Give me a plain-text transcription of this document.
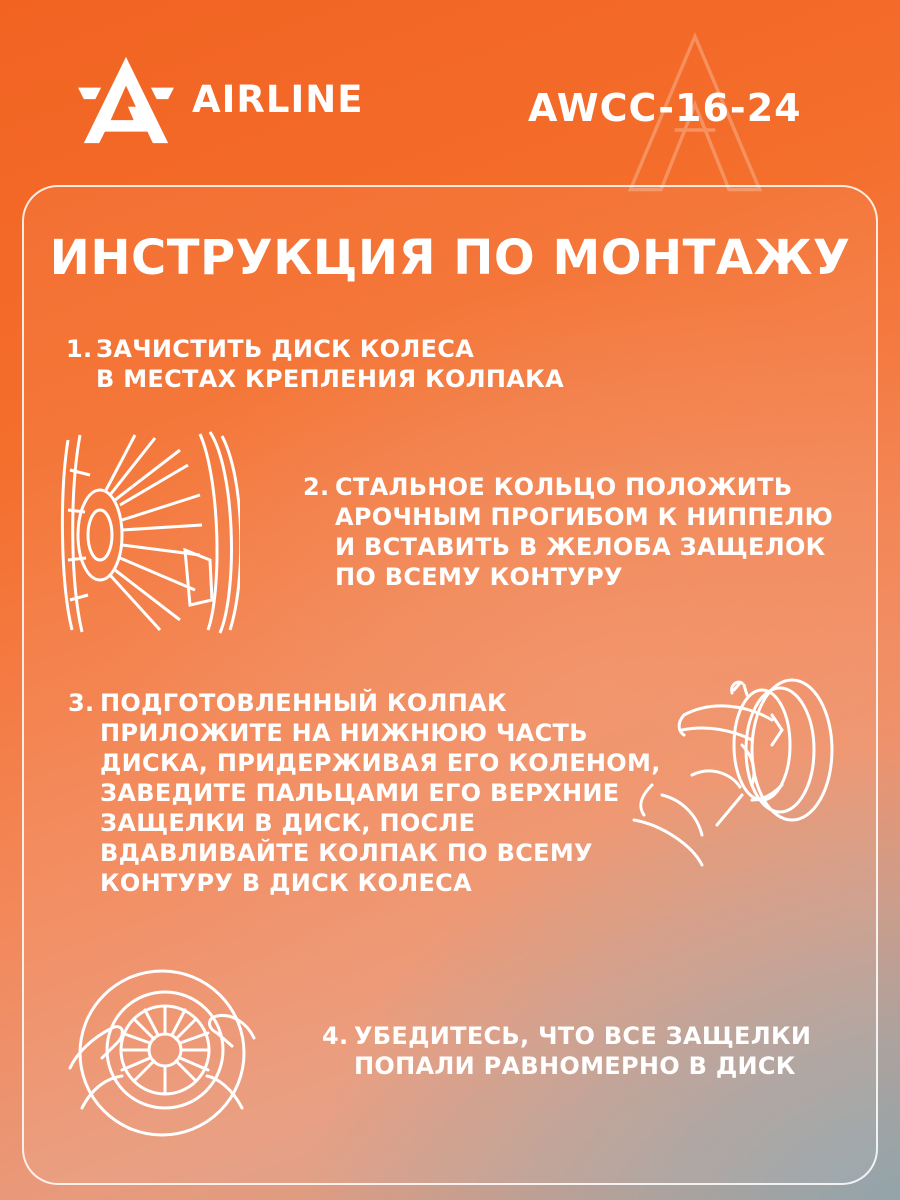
AIRLINE	AWCC-16-24
ИНСТРУКЦИЯ ПО МОНТАЖУ
1. ЗАЧИСТИТЬ ДИСК КОЛЕСА
В МЕСТАХ КРЕПЛЕНИЯ КОЛПАКА
2. СТАЛЬНОЕ КОЛЬЦО ПОЛОЖИТЬ
АРОЧНЫМ ПРОГИБОМ К НИППЕЛЮ
И ВСТАВИТЬ В ЖЕЛОБА ЗАЩЕЛОК
ПО ВСЕМУ КОНТУРУ
3. ПОДГОТОВЛЕННЫЙ КОЛПАК
ПРИЛОЖИТЕ НА НИЖНЮЮ ЧАСТЬ
ДИСКА, ПРИДЕРЖИВАЯ ЕГО КОЛЕНОМ,
ЗАВЕДИТЕ ПАЛЬЦАМИ ЕГО ВЕРХНИЕ
ЗАЩЕЛКИ В ДИСК, ПОСЛЕ
ВДАВЛИВАЙТЕ КОЛПАК ПО ВСЕМУ
КОНТУРУ В ДИСК КОЛЕСА
4. УБЕДИТЕСЬ, ЧТО ВСЕ ЗАЩЕЛКИ
ПОПАЛИ РАВНОМЕРНО В ДИСК
